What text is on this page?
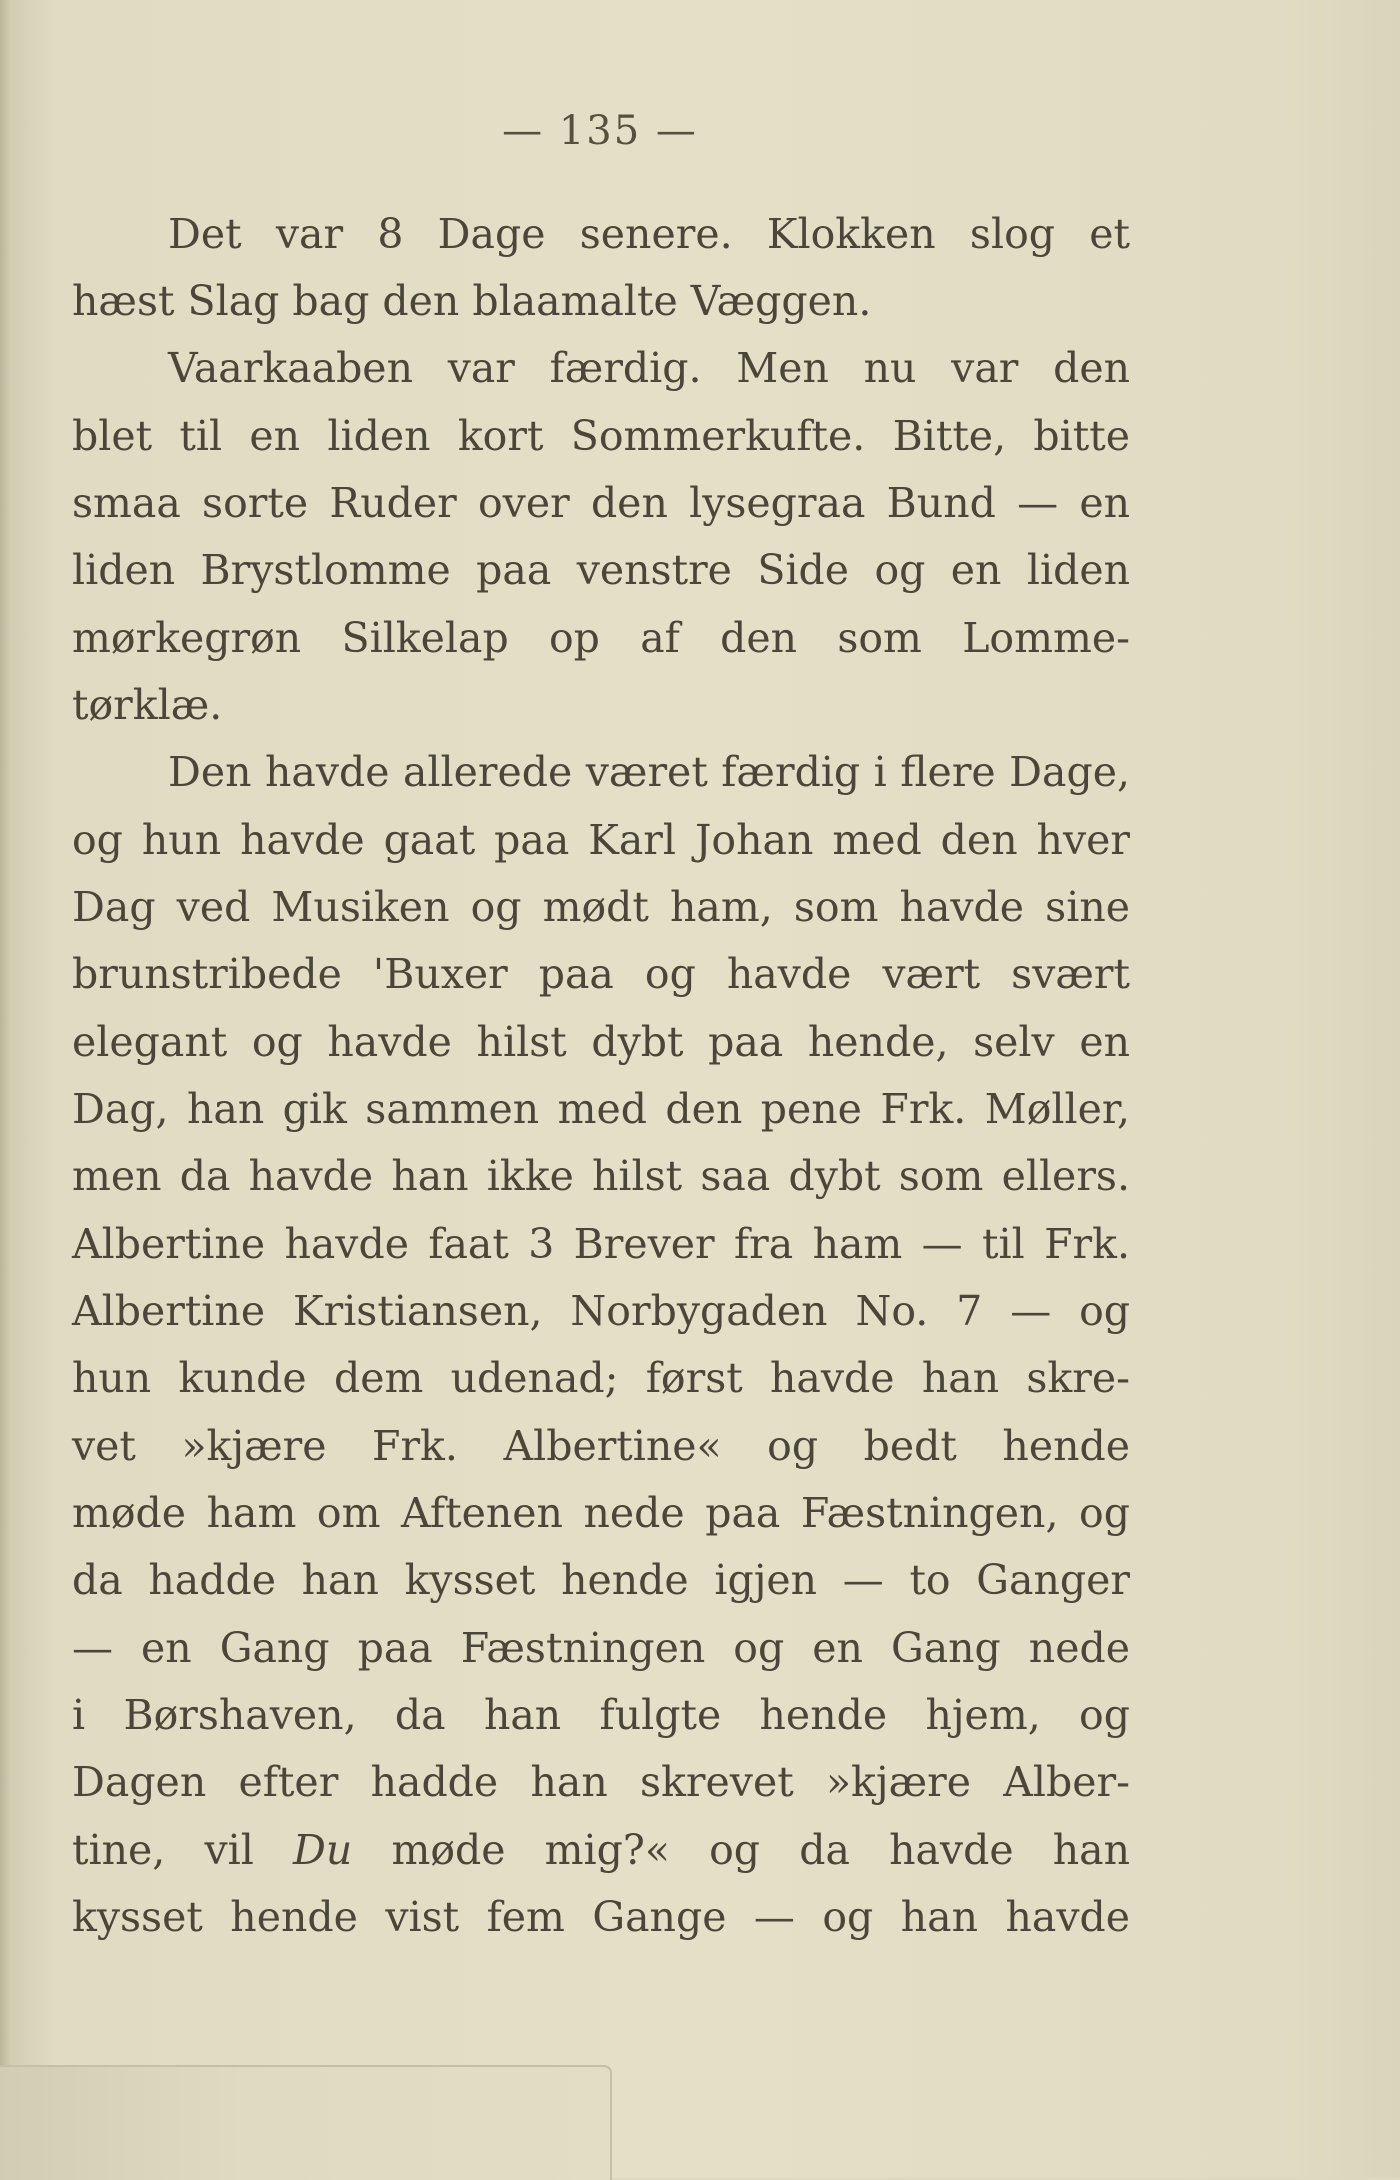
— 135 —
Det var 8 Dage senere. Klokken slog et
hæst Slag bag den blaamalte Væggen.
Vaarkaaben var færdig. Men nu var den
blet til en liden kort Sommerkufte. Bitte, bitte
smaa sorte Ruder over den lysegraa Bund — en
liden Brystlomme paa venstre Side og en liden
mørkegrøn Silkelap op af den som Lomme-
tørklæ.
Den havde allerede været færdig i flere Dage,
og hun havde gaat paa Karl Johan med den hver
Dag ved Musiken og mødt ham, som havde sine
brunstribede 'Buxer paa og havde vært svært
elegant og havde hilst dybt paa hende, selv en
Dag, han gik sammen med den pene Frk. Møller,
men da havde han ikke hilst saa dybt som ellers.
Albertine havde faat 3 Brever fra ham — til Frk.
Albertine Kristiansen, Norbygaden No. 7 — og
hun kunde dem udenad; først havde han skre-
vet »kjære Frk. Albertine« og bedt hende
møde ham om Aftenen nede paa Fæstningen, og
da hadde han kysset hende igjen — to Ganger
— en Gang paa Fæstningen og en Gang nede
i Børshaven, da han fulgte hende hjem, og
Dagen efter hadde han skrevet »kjære Alber-
tine, vil Du møde mig?« og da havde han
kysset hende vist fem Gange — og han havde
